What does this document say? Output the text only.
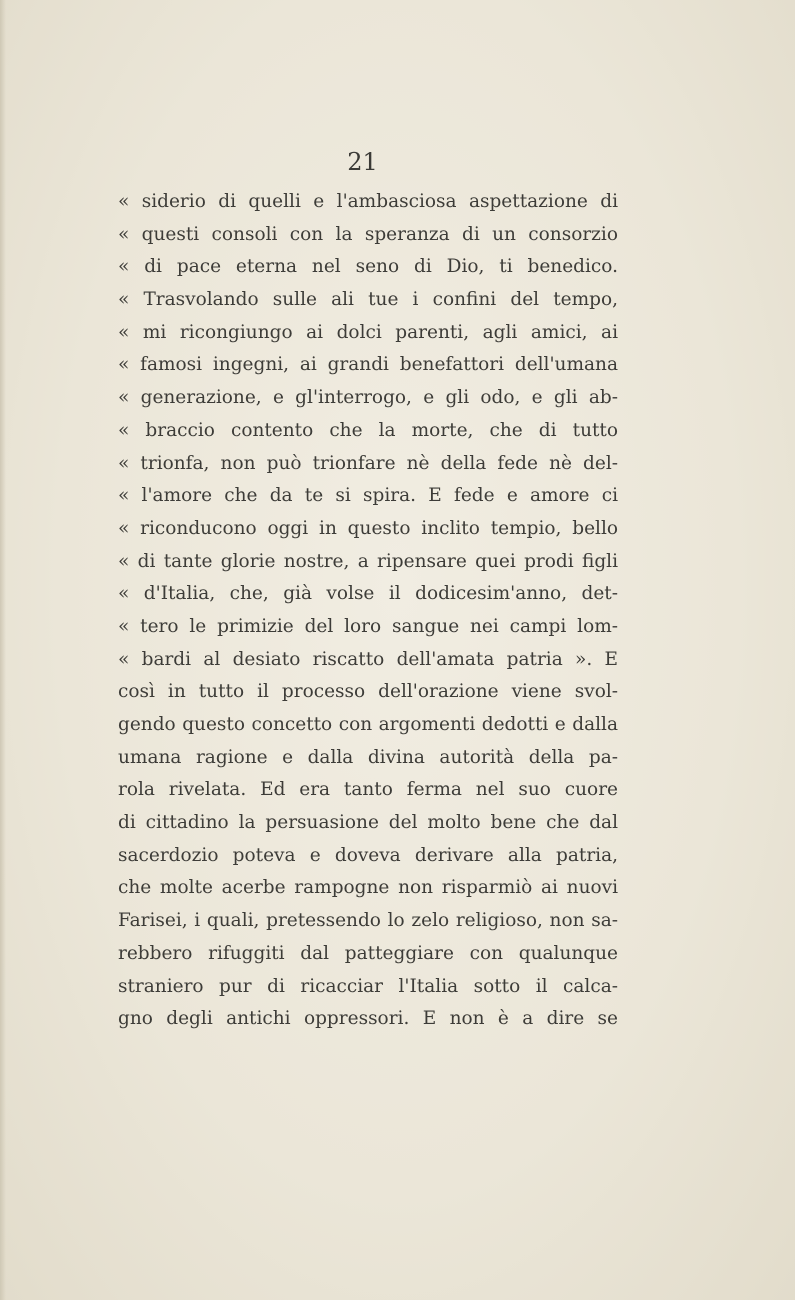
21
« siderio di quelli e l'ambasciosa aspettazione di
« questi consoli con la speranza di un consorzio
« di pace eterna nel seno di Dio, ti benedico.
« Trasvolando sulle ali tue i confini del tempo,
« mi ricongiungo ai dolci parenti, agli amici, ai
« famosi ingegni, ai grandi benefattori dell'umana
« generazione, e gl'interrogo, e gli odo, e gli ab-
« braccio contento che la morte, che di tutto
« trionfa, non può trionfare nè della fede nè del-
« l'amore che da te si spira. E fede e amore ci
« riconducono oggi in questo inclito tempio, bello
« di tante glorie nostre, a ripensare quei prodi figli
« d'Italia, che, già volse il dodicesim'anno, det-
« tero le primizie del loro sangue nei campi lom-
« bardi al desiato riscatto dell'amata patria ». E
così in tutto il processo dell'orazione viene svol-
gendo questo concetto con argomenti dedotti e dalla
umana ragione e dalla divina autorità della pa-
rola rivelata. Ed era tanto ferma nel suo cuore
di cittadino la persuasione del molto bene che dal
sacerdozio poteva e doveva derivare alla patria,
che molte acerbe rampogne non risparmiò ai nuovi
Farisei, i quali, pretessendo lo zelo religioso, non sa-
rebbero rifuggiti dal patteggiare con qualunque
straniero pur di ricacciar l'Italia sotto il calca-
gno degli antichi oppressori. E non è a dire se
